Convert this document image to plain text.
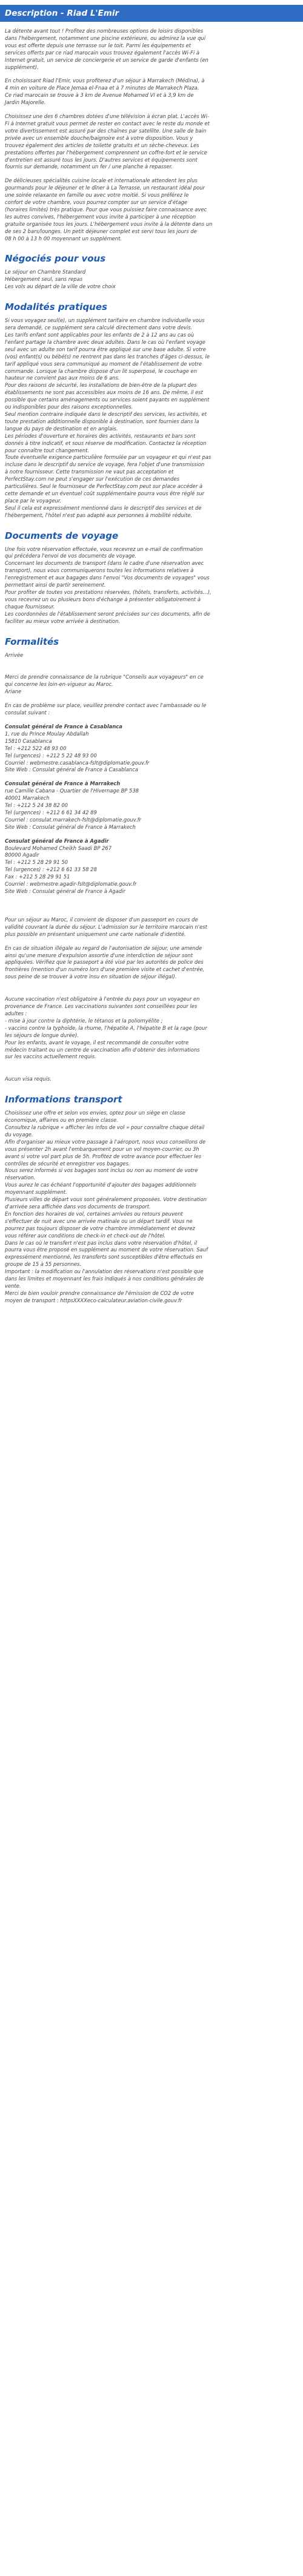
Description - Riad L'Emir

La détente avant tout ! Profitez des nombreuses options de loisirs disponibles
dans l'hébergement, notamment une piscine extérieure, ou admirez la vue qui
vous est offerte depuis une terrasse sur le toit. Parmi les équipements et
services offerts par ce riad marocain vous trouvez également l'accès Wi-Fi à
Internet gratuit, un service de conciergerie et un service de garde d'enfants (en
supplément).

En choisissant Riad l'Emir, vous profiterez d'un séjour à Marrakech (Médina), à
4 min en voiture de Place Jemaa el-Fnaa et à 7 minutes de Marrakech Plaza.
Ce riad marocain se trouve à 3 km de Avenue Mohamed VI et à 3,9 km de
Jardin Majorelle.

Choisissez une des 6 chambres dotées d'une télévision à écran plat. L'accès Wi-
Fi à Internet gratuit vous permet de rester en contact avec le reste du monde et
votre divertissement est assuré par des chaînes par satellite. Une salle de bain
privée avec un ensemble douche/baignoire est à votre disposition. Vous y
trouvez également des articles de toilette gratuits et un sèche-cheveux. Les
prestations offertes par l'hébergement comprennent un coffre-fort et le service
d'entretien est assuré tous les jours. D'autres services et équipements sont
fournis sur demande, notamment un fer / une planche à repasser.

De délicieuses spécialités cuisine locale et internationale attendent les plus
gourmands pour le déjeuner et le dîner à La Terrasse, un restaurant idéal pour
une soirée relaxante en famille ou avec votre moitié. Si vous préférez le
confort de votre chambre, vous pourrez compter sur un service d'étage
(horaires limités) très pratique. Pour que vous puissiez faire connaissance avec
les autres convives, l'hébergement vous invite à participer à une réception
gratuite organisée tous les jours. L'hébergement vous invite à la détente dans un
de ses 2 bars/lounges. Un petit déjeuner complet est servi tous les jours de
08 h 00 à 13 h 00 moyennant un supplément.

Négociés pour vous

Le séjour en Chambre Standard
Hébergement seul, sans repas
Les vols au départ de la ville de votre choix

Modalités pratiques

Si vous voyagez seul(e), un supplément tarifaire en chambre individuelle vous
sera demandé, ce supplément sera calculé directement dans votre devis.
Les tarifs enfant sont applicables pour les enfants de 2 à 12 ans au cas où
l'enfant partage la chambre avec deux adultes. Dans le cas où l'enfant voyage
seul avec un adulte son tarif pourra être appliqué sur une base adulte. Si votre
(vos) enfant(s) ou bébé(s) ne rentrent pas dans les tranches d'âges ci-dessus, le
tarif appliqué vous sera communiqué au moment de l'établissement de votre
commande. Lorsque la chambre dispose d'un lit superposé, le couchage en
hauteur ne convient pas aux moins de 6 ans.
Pour des raisons de sécurité, les installations de bien-être de la plupart des
établissements ne sont pas accessibles aux moins de 16 ans. De même, il est
possible que certains aménagements ou services soient payants en supplément
ou indisponibles pour des raisons exceptionnelles.
Seul mention contraire indiquée dans le descriptif des services, les activités, et
toute prestation additionnelle disponible à destination, sont fournies dans la
langue du pays de destination et en anglais.
Les périodes d'ouverture et horaires des activités, restaurants et bars sont
donnés à titre indicatif, et sous réserve de modification. Contactez la réception
pour connaître tout changement.
Toute éventuelle exigence particulière formulée par un voyageur et qui n'est pas
incluse dans le descriptif du service de voyage, fera l'objet d'une transmission
à notre fournisseur. Cette transmission ne vaut pas acceptation et
PerfectStay.com ne peut s'engager sur l'exécution de ces demandes
particulières. Seul le fournisseur de PerfectStay.com peut sur place accéder à
cette demande et un éventuel coût supplémentaire pourra vous être réglé sur
place par le voyageur.
Seul il cela est expressément mentionné dans le descriptif des services et de
l'hébergement, l'hôtel n'est pas adapté aux personnes à mobilité réduite.

Documents de voyage

Une fois votre réservation effectuée, vous recevrez un e-mail de confirmation
qui précédera l'envoi de vos documents de voyage.
Concernant les documents de transport (dans le cadre d'une réservation avec
transport), nous vous communiquerons toutes les informations relatives à
l'enregistrement et aux bagages dans l'envoi "Vos documents de voyages" vous
permettant ainsi de partir sereinement.
Pour profiter de toutes vos prestations réservées, (hôtels, transferts, activités...),
vous recevrez un ou plusieurs bons d'échange à présenter obligatoirement à
chaque fournisseur.
Les coordonnées de l'établissement seront précisées sur ces documents, afin de
faciliter au mieux votre arrivée à destination.

Formalités

Arrivée

Merci de prendre connaissance de la rubrique "Conseils aux voyageurs" en ce
qui concerne les loin-en-vigueur au Maroc.
Ariane

En cas de problème sur place, veuillez prendre contact avec l'ambassade ou le
consulat suivant :

Consulat général de France à Casablanca
1, rue du Prince Moulay Abdallah
15810 Casablanca
Tel : +212 522 48 93 00
Tel (urgences) : +212 5 22 48 93 00
Courriel : webmestre.casablanca-fslt@diplomatie.gouv.fr
Site Web : Consulat général de France à Casablanca
Consulat général de France à Marrakech
rue Camille Cabana - Quartier de l'Hivernage BP 538
40001 Marrakech
Tel : +212 5 24 38 82 00
Tel (urgences) : +212 6 61 34 42 89
Courriel : consulat.marrakech-fslt@diplomatie.gouv.fr
Site Web : Consulat général de France à Marrakech
Consulat général de France à Agadir
Boulevard Mohamed Cheikh Saadi BP 267
80000 Agadir
Tel : +212 5 28 29 91 50
Tel (urgences) : +212 6 61 33 58 28
Fax : +212 5 28 29 91 51
Courriel : webmestre.agadir-fslt@diplomatie.gouv.fr
Site Web : Consulat général de France à Agadir

Pour un séjour au Maroc, il convient de disposer d'un passeport en cours de
validité couvrant la durée du séjour. L'admission sur le territoire marocain n'est
plus possible en présentant uniquement une carte nationale d'identité.

En cas de situation illégale au regard de l'autorisation de séjour, une amende
ainsi qu'une mesure d'expulsion assortie d'une interdiction de séjour sont
appliquées. Vérifiez que le passeport a été visé par les autorités de police des
frontières (mention d'un numéro lors d'une première visite et cachet d'entrée,
sous peine de se trouver à votre insu en situation de séjour illégal).

Aucune vaccination n'est obligatoire à l'entrée du pays pour un voyageur en
provenance de France. Les vaccinations suivantes sont conseillées pour les
adultes :
- mise à jour contre la diphtérie, le tétanos et la poliomyélite ;
- vaccins contre la typhoïde, la rhume, l'hépatite A, l'hépatite B et la rage (pour
les séjours de longue durée).
Pour les enfants, avant le voyage, il est recommandé de consulter votre
médecin traitant ou un centre de vaccination afin d'obtenir des informations
sur les vaccins actuellement requis.

Aucun visa requis.

Informations transport

Choisissez une offre et selon vos envies, optez pour un siège en classe
économique, affaires ou en première classe.
Consultez la rubrique « afficher les infos de vol » pour connaître chaque détail
du voyage.
Afin d'organiser au mieux votre passage à l'aéroport, nous vous conseillons de
vous présenter 2h avant l'embarquement pour un vol moyen-courrier, ou 3h
avant si votre vol part plus de 5h. Profitez de votre avance pour effectuer les
contrôles de sécurité et enregistrer vos bagages.
Nous serez informés si vos bagages sont inclus ou non au moment de votre
réservation.
Vous aurez le cas échéant l'opportunité d'ajouter des bagages additionnels
moyennant supplément.
Plusieurs villes de départ vous sont généralement proposées. Votre destination
d'arrivée sera affichée dans vos documents de transport.
En fonction des horaires de vol, certaines arrivées ou retours peuvent
s'effectuer de nuit avec une arrivée matinale ou un départ tardif. Vous ne
pourrez pas toujours disposer de votre chambre immédiatement et devrez
vous référer aux conditions de check-in et check-out de l'hôtel.
Dans le cas où le transfert n'est pas inclus dans votre réservation d'hôtel, il
pourra vous être proposé en supplément au moment de votre réservation. Sauf
expressément mentionné, les transferts sont susceptibles d'être effectués en
groupe de 15 à 55 personnes.
Important : la modification ou l'annulation des réservations n'est possible que
dans les limites et moyennant les frais indiqués à nos conditions générales de
vente.
Merci de bien vouloir prendre connaissance de l'émission de CO2 de votre
moyen de transport : httpsXXXXeco-calculateur.aviation-civile.gouv.fr
